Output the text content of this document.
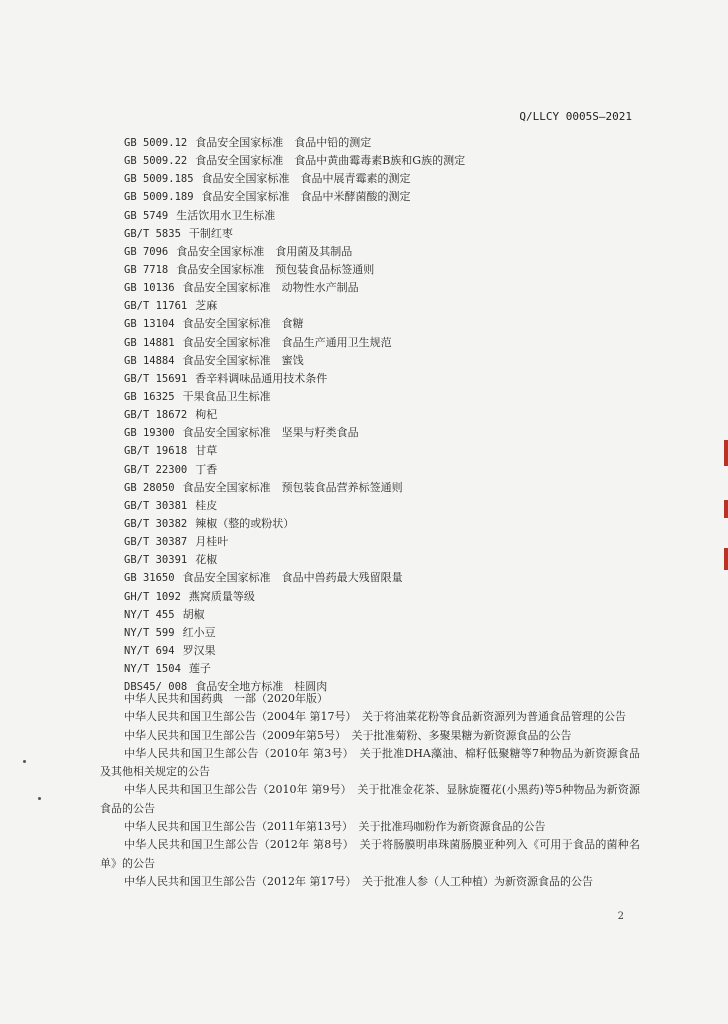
Q/LLCY 0005S—2021
GB 5009.12 食品安全国家标准　食品中铅的测定
GB 5009.22 食品安全国家标准　食品中黄曲霉毒素B族和G族的测定
GB 5009.185 食品安全国家标准　食品中展青霉素的测定
GB 5009.189 食品安全国家标准　食品中米酵菌酸的测定
GB 5749 生活饮用水卫生标准
GB/T 5835 干制红枣
GB 7096 食品安全国家标准　食用菌及其制品
GB 7718 食品安全国家标准　预包装食品标签通则
GB 10136 食品安全国家标准　动物性水产制品
GB/T 11761 芝麻
GB 13104 食品安全国家标准　食糖
GB 14881 食品安全国家标准　食品生产通用卫生规范
GB 14884 食品安全国家标准　蜜饯
GB/T 15691 香辛料调味品通用技术条件
GB 16325 干果食品卫生标准
GB/T 18672 枸杞
GB 19300 食品安全国家标准　坚果与籽类食品
GB/T 19618 甘草
GB/T 22300 丁香
GB 28050 食品安全国家标准　预包装食品营养标签通则
GB/T 30381 桂皮
GB/T 30382 辣椒（整的或粉状）
GB/T 30387 月桂叶
GB/T 30391 花椒
GB 31650 食品安全国家标准　食品中兽药最大残留限量
GH/T 1092 燕窝质量等级
NY/T 455 胡椒
NY/T 599 红小豆
NY/T 694 罗汉果
NY/T 1504 莲子
DBS45/ 008 食品安全地方标准　桂圆肉

中华人民共和国药典　一部（2020年版）

中华人民共和国卫生部公告（2004年 第17号）　关于将油菜花粉等食品新资源列为普通食品管理的公告

中华人民共和国卫生部公告（2009年第5号）　关于批准菊粉、多聚果糖为新资源食品的公告

中华人民共和国卫生部公告（2010年 第3号）　关于批准DHA藻油、棉籽低聚糖等7种物品为新资源食品及其他相关规定的公告

中华人民共和国卫生部公告（2010年 第9号）　关于批准金花茶、显脉旋覆花(小黑药)等5种物品为新资源食品的公告

中华人民共和国卫生部公告（2011年第13号）　关于批准玛咖粉作为新资源食品的公告

中华人民共和国卫生部公告（2012年 第8号）　关于将肠膜明串珠菌肠膜亚种列入《可用于食品的菌种名单》的公告

中华人民共和国卫生部公告（2012年 第17号）　关于批准人参（人工种植）为新资源食品的公告

2
